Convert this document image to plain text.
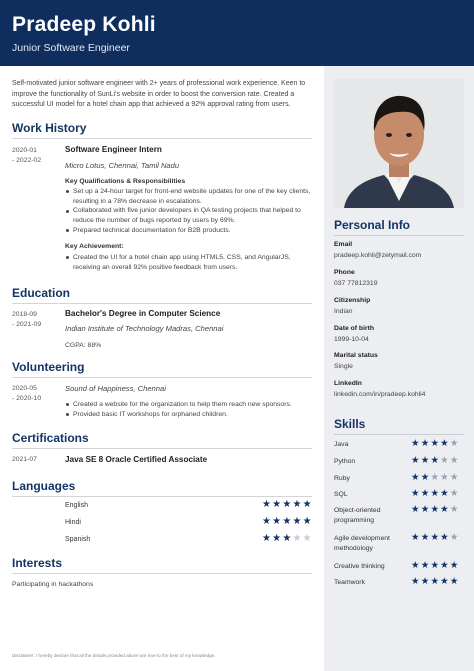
Pradeep Kohli
Junior Software Engineer
Self-motivated junior software engineer with 2+ years of professional work experience. Keen to improve the functionality of SunLi's website in order to boost the conversion rate. Created a successful UI model for a hotel chain app that achieved a 92% approval rating from users.
Work History
2020-01
- 2022-02
Software Engineer Intern
Micro Lotus, Chennai, Tamil Nadu
Key Qualifications & Responsibilities
Set up a 24-hour target for front-end website updates for one of the key clients, resulting in a 78% decrease in escalations.
Collaborated with five junior developers in QA testing projects that helped to reduce the number of bugs reported by users by 69%.
Prepared technical documentation for B2B products.
Key Achievement:
Created the UI for a hotel chain app using HTML5, CSS, and AngularJS, receiving an overall 92% positive feedback from users.
Education
2018-09
- 2021-09
Bachelor's Degree in Computer Science
Indian Institute of Technology Madras, Chennai
CGPA: 88%
Volunteering
2020-05
- 2020-10
Sound of Happiness, Chennai
Created a website for the organization to help them reach new sponsors.
Provided basic IT workshops for orphaned children.
Certifications
2021-07	Java SE 8 Oracle Certified Associate
Languages
English	★ ★ ★ ★ ★
Hindi	★ ★ ★ ★ ★
Spanish	★ ★ ★ ★ ★
Interests
Participating in hackathons
Disclaimer: I hereby declare that all the details provided above are true to the best of my knowledge.
Personal Info
Email
pradeep.kohli@zetymail.com
Phone
037 77812319
Citizenship
Indian
Date of birth
1999-10-04
Marital status
Single
LinkedIn
linkedin.com/in/pradeep.kohli4
Skills
Java	★ ★ ★ ★ ★
Python	★ ★ ★ ★ ★
Ruby	★ ★ ★ ★ ★
SQL	★ ★ ★ ★ ★
Object-oriented programming
★ ★ ★ ★ ★
Agile development methodology
★ ★ ★ ★ ★
Creative thinking	★ ★ ★ ★ ★
Teamwork	★ ★ ★ ★ ★
